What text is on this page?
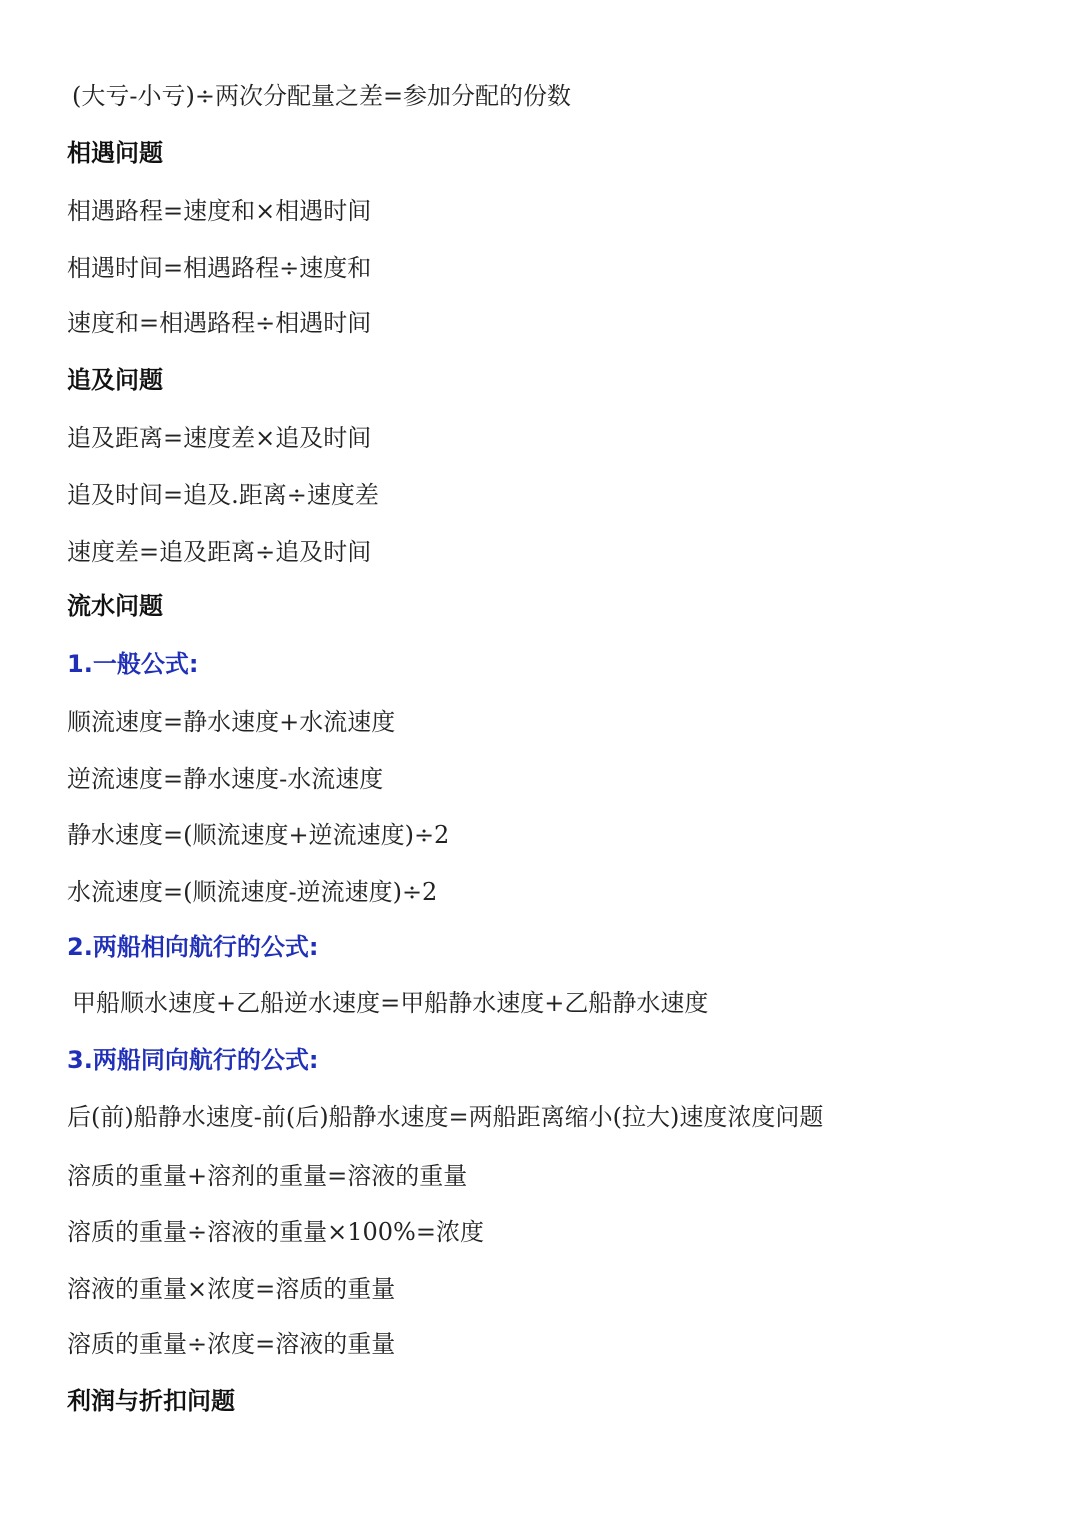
(大亏-小亏)÷两次分配量之差=参加分配的份数
相遇问题
相遇路程=速度和×相遇时间
相遇时间=相遇路程÷速度和
速度和=相遇路程÷相遇时间
追及问题
追及距离=速度差×追及时间
追及时间=追及.距离÷速度差
速度差=追及距离÷追及时间
流水问题
1.一般公式:
顺流速度=静水速度+水流速度
逆流速度=静水速度-水流速度
静水速度=(顺流速度+逆流速度)÷2
水流速度=(顺流速度-逆流速度)÷2
2.两船相向航行的公式:
甲船顺水速度+乙船逆水速度=甲船静水速度+乙船静水速度
3.两船同向航行的公式:
后(前)船静水速度-前(后)船静水速度=两船距离缩小(拉大)速度浓度问题
溶质的重量+溶剂的重量=溶液的重量
溶质的重量÷溶液的重量×100%=浓度
溶液的重量×浓度=溶质的重量
溶质的重量÷浓度=溶液的重量
利润与折扣问题
